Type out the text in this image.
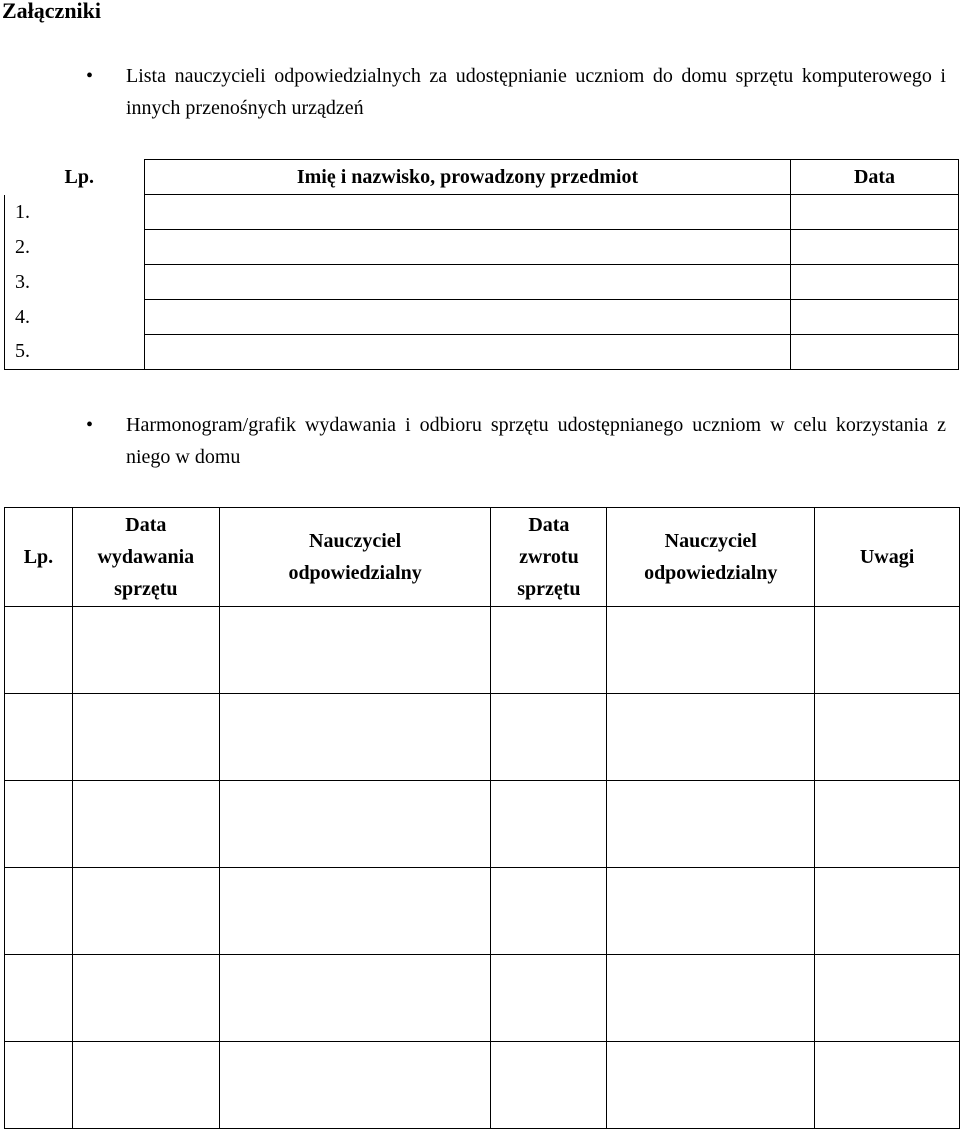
Załączniki
• Lista nauczycieli odpowiedzialnych za udostępnianie uczniom do domu sprzętu komputerowego i innych przenośnych urządzeń
Lp.	Imię i nazwisko, prowadzony przedmiot	Data
1.		
2.		
3.		
4.		
5.		
• Harmonogram/grafik wydawania i odbioru sprzętu udostępnianego uczniom w celu korzystania z niego w domu
Lp.	Data
wydawania
sprzętu	Nauczyciel
odpowiedzialny	Data
zwrotu
sprzętu	Nauczyciel
odpowiedzialny	Uwagi
